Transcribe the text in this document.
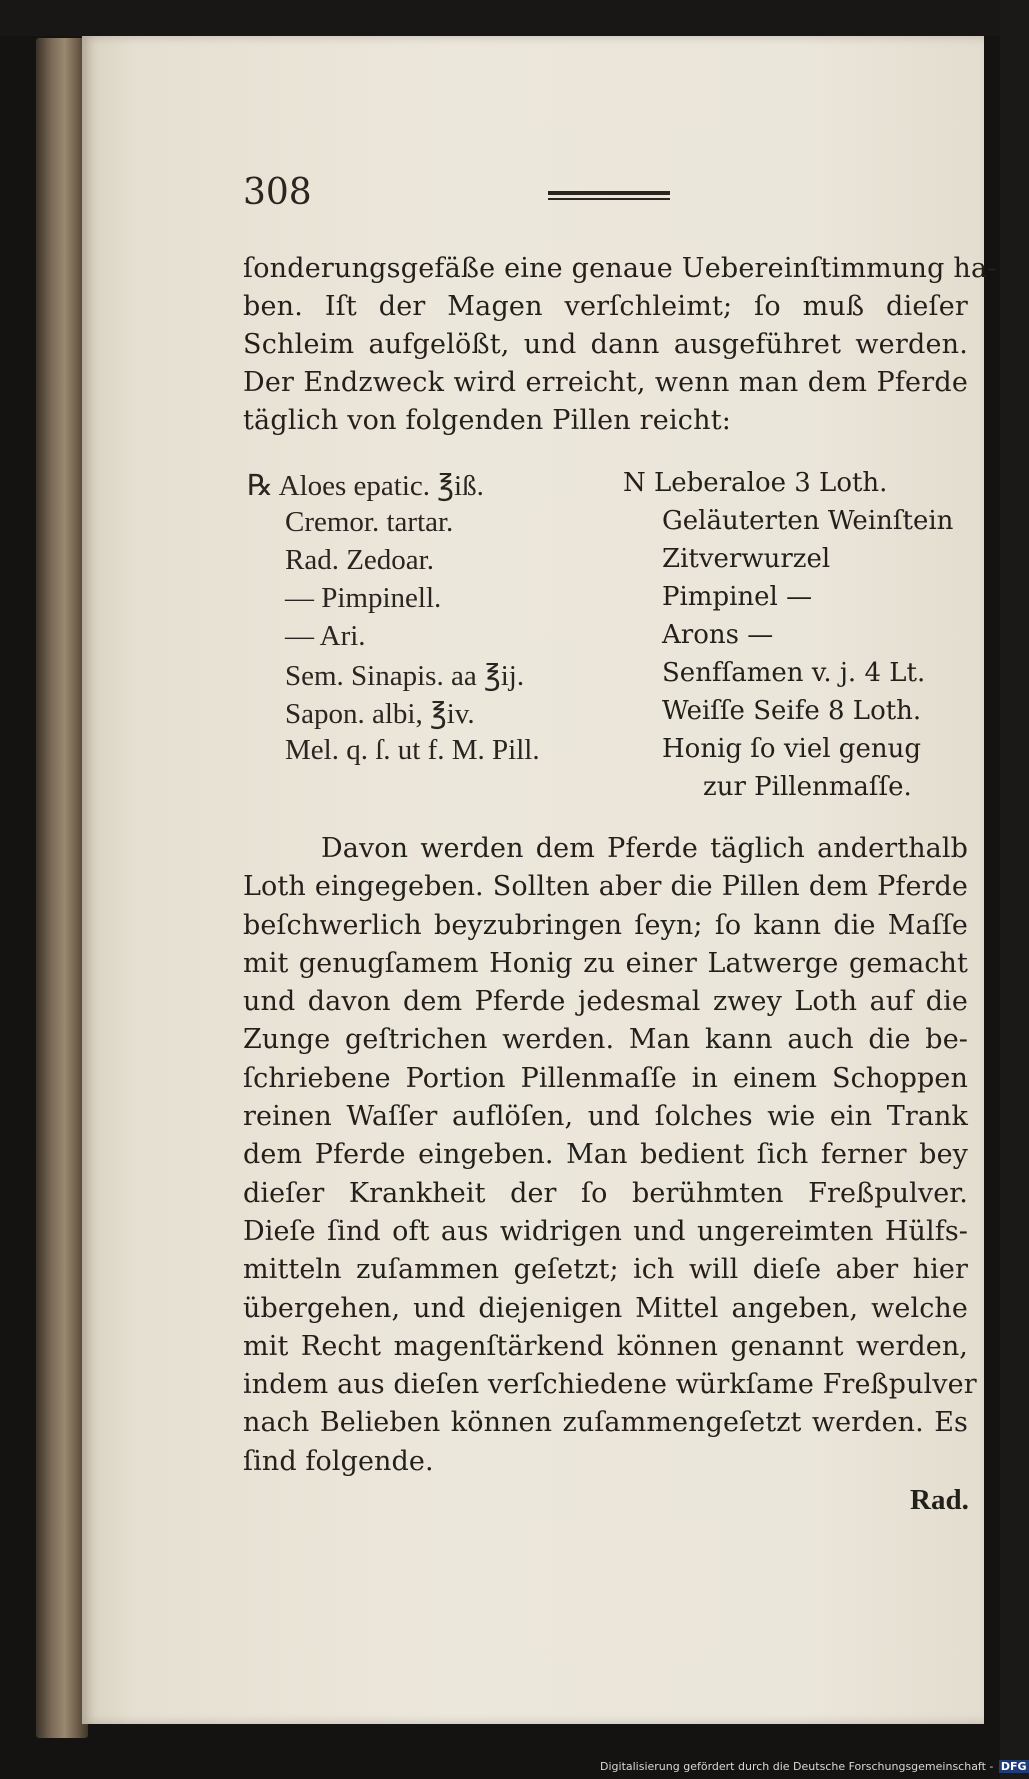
308
ſonderungsgefäße eine genaue Uebereinſtimmung ha-
ben. Iſt der Magen verſchleimt; ſo muß dieſer
Schleim aufgelößt, und dann ausgeführet werden.
Der Endzweck wird erreicht, wenn man dem Pferde
täglich von folgenden Pillen reicht:
℞ Aloes epatic. ℥iß.	N Leberaloe 3 Loth.
Cremor. tartar.	Geläuterten Weinſtein
Rad. Zedoar.	Zitverwurzel
— Pimpinell.	Pimpinel —
— Ari.	Arons —
Sem. Sinapis. aa ℥ij.	Senfſamen v. j. 4 Lt.
Sapon. albi, ℥iv.	Weiſſe Seife 8 Loth.
Mel. q. ſ. ut f. M. Pill.	Honig ſo viel genug
zur Pillenmaſſe.
Davon werden dem Pferde täglich anderthalb
Loth eingegeben. Sollten aber die Pillen dem Pferde
beſchwerlich beyzubringen ſeyn; ſo kann die Maſſe
mit genugſamem Honig zu einer Latwerge gemacht
und davon dem Pferde jedesmal zwey Loth auf die
Zunge geſtrichen werden. Man kann auch die be-
ſchriebene Portion Pillenmaſſe in einem Schoppen
reinen Waſſer auflöſen, und ſolches wie ein Trank
dem Pferde eingeben. Man bedient ſich ferner bey
dieſer Krankheit der ſo berühmten Freßpulver.
Dieſe ſind oft aus widrigen und ungereimten Hülfs-
mitteln zuſammen geſetzt; ich will dieſe aber hier
übergehen, und diejenigen Mittel angeben, welche
mit Recht magenſtärkend können genannt werden,
indem aus dieſen verſchiedene würkſame Freßpulver
nach Belieben können zuſammengeſetzt werden. Es
ſind folgende.
Rad.
Digitalisierung gefördert durch die Deutsche Forschungsgemeinschaft - DFG
